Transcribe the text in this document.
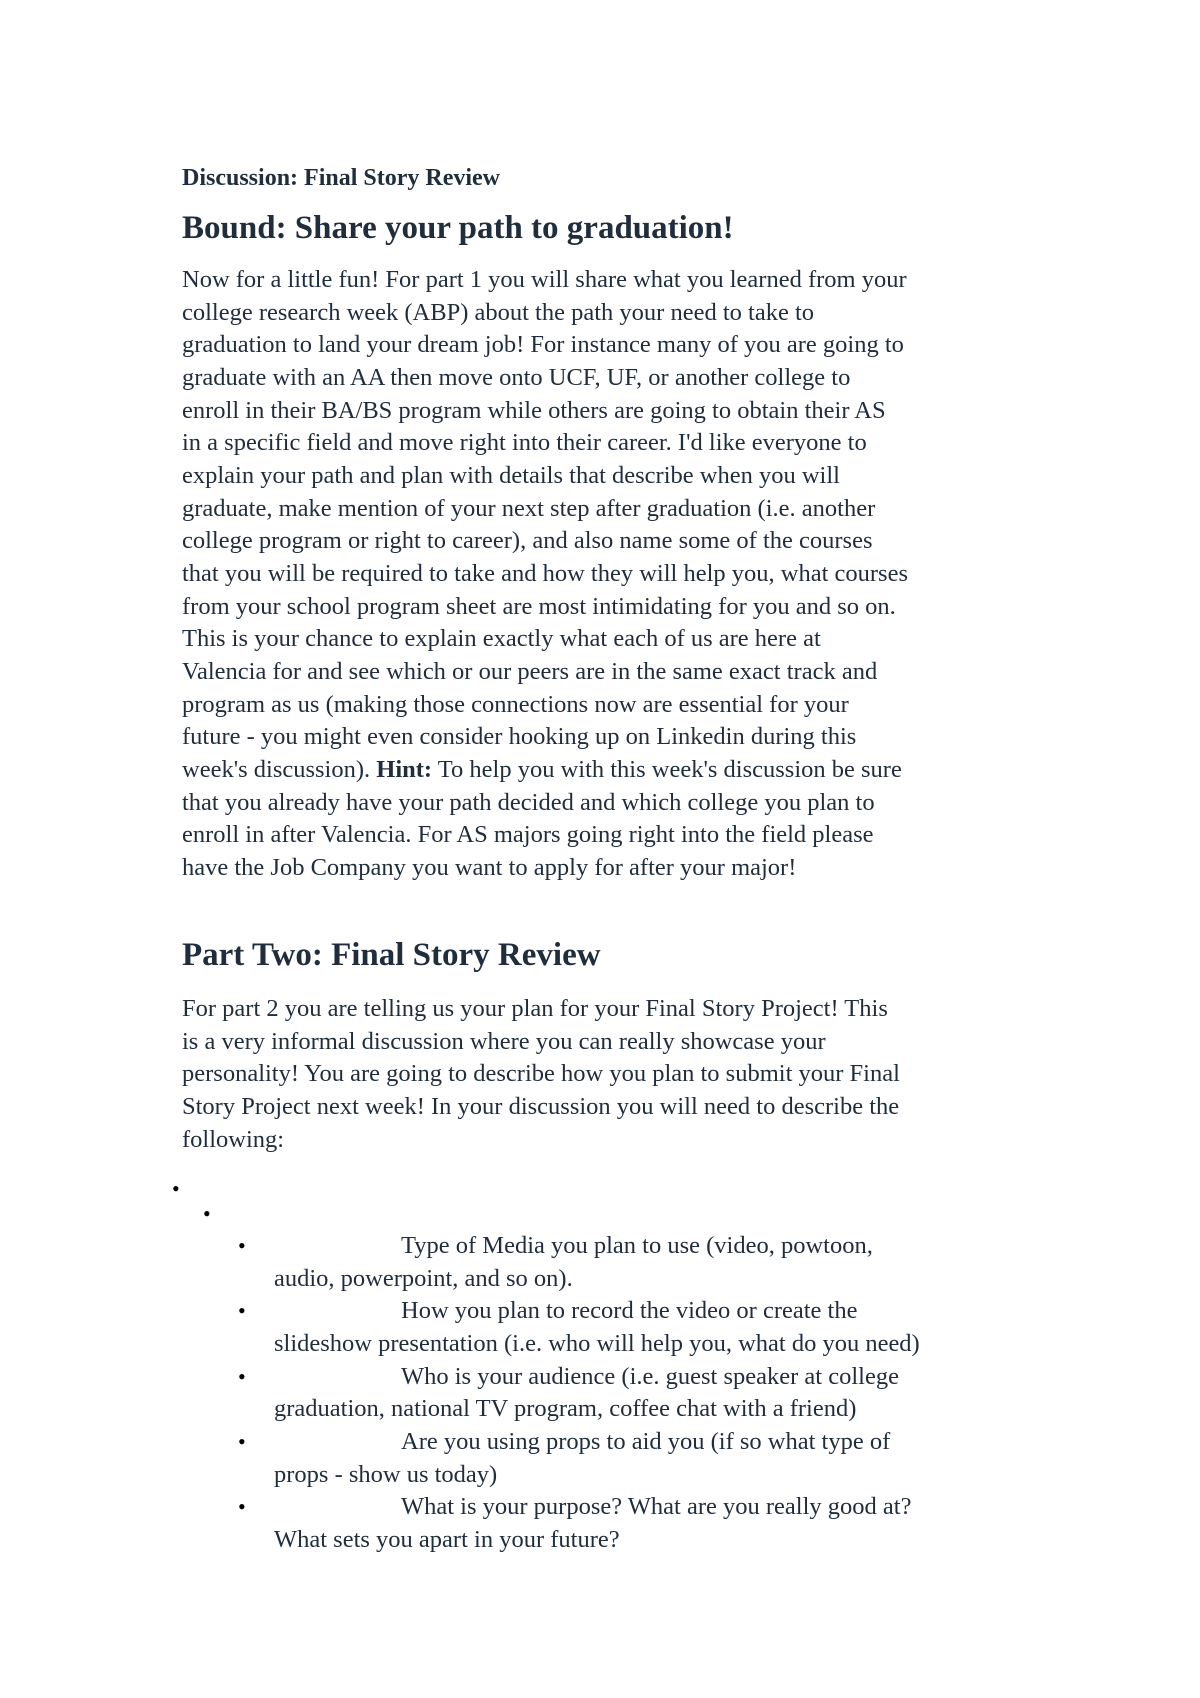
Discussion: Final Story Review
Bound: Share your path to graduation!
Now for a little fun! For part 1 you will share what you learned from your
college research week (ABP) about the path your need to take to
graduation to land your dream job! For instance many of you are going to
graduate with an AA then move onto UCF, UF, or another college to
enroll in their BA/BS program while others are going to obtain their AS
in a specific field and move right into their career. I'd like everyone to
explain your path and plan with details that describe when you will
graduate, make mention of your next step after graduation (i.e. another
college program or right to career), and also name some of the courses
that you will be required to take and how they will help you, what courses
from your school program sheet are most intimidating for you and so on.
This is your chance to explain exactly what each of us are here at
Valencia for and see which or our peers are in the same exact track and
program as us (making those connections now are essential for your
future - you might even consider hooking up on Linkedin during this
week's discussion). Hint: To help you with this week's discussion be sure
that you already have your path decided and which college you plan to
enroll in after Valencia. For AS majors going right into the field please
have the Job Company you want to apply for after your major!
Part Two: Final Story Review
For part 2 you are telling us your plan for your Final Story Project! This
is a very informal discussion where you can really showcase your
personality! You are going to describe how you plan to submit your Final
Story Project next week! In your discussion you will need to describe the
following:
•
•
•	Type of Media you plan to use (video, powtoon,
audio, powerpoint, and so on).
•	How you plan to record the video or create the
slideshow presentation (i.e. who will help you, what do you need)
•	Who is your audience (i.e. guest speaker at college
graduation, national TV program, coffee chat with a friend)
•	Are you using props to aid you (if so what type of
props - show us today)
•	What is your purpose? What are you really good at?
What sets you apart in your future?
